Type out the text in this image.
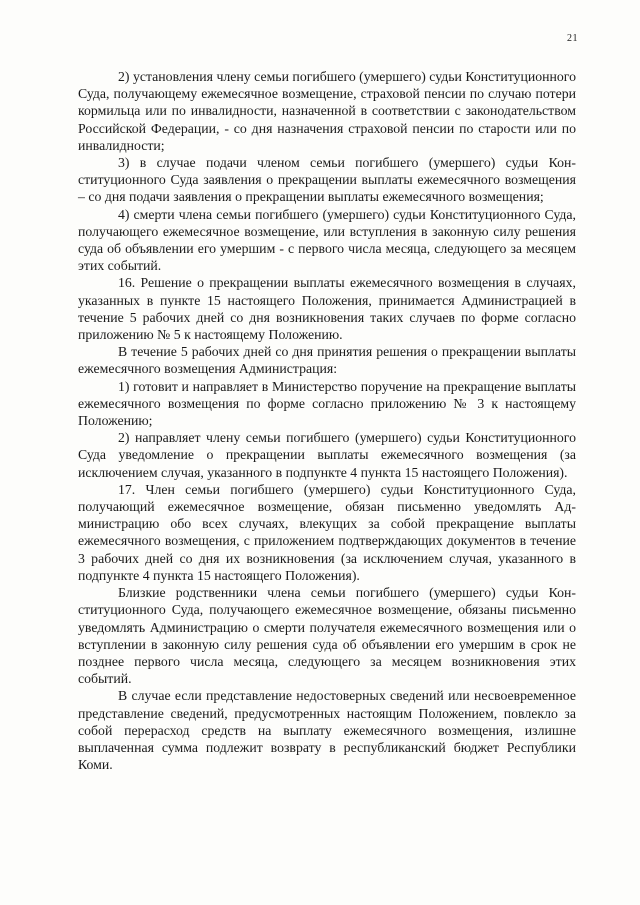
21

2) установления члену семьи погибшего (умершего) судьи Конституционного Суда, получающему ежемесячное возмещение, страховой пенсии по случаю потери кормильца или по инвалидности, назначенной в соответствии с законодательством Российской Федерации, - со дня назначения страховой пенсии по старости или по инвалидности;

3) в случае подачи членом семьи погибшего (умершего) судьи Конституционного Суда заявления о прекращении выплаты ежемесячного возмещения – со дня подачи заявления о прекращении выплаты ежемесячного возмещения;

4) смерти члена семьи погибшего (умершего) судьи Конституционного Суда, получающего ежемесячное возмещение, или вступления в законную силу решения суда об объявлении его умершим - с первого числа месяца, следующего за месяцем этих событий.

16. Решение о прекращении выплаты ежемесячного возмещения в случаях, указанных в пункте 15 настоящего Положения, принимается Администрацией в течение 5 рабочих дней со дня возникновения таких случаев по форме согласно приложению № 5 к настоящему Положению.

В течение 5 рабочих дней со дня принятия решения о прекращении выплаты ежемесячного возмещения Администрация:

1) готовит и направляет в Министерство поручение на прекращение выплаты ежемесячного возмещения по форме согласно приложению № 3 к настоящему Положению;

2) направляет члену семьи погибшего (умершего) судьи Конституционного Суда уведомление о прекращении выплаты ежемесячного возмещения (за исключением случая, указанного в подпункте 4 пункта 15 настоящего Положения).

17. Член семьи погибшего (умершего) судьи Конституционного Суда, получающий ежемесячное возмещение, обязан письменно уведомлять Администрацию обо всех случаях, влекущих за собой прекращение выплаты ежемесячного возмещения, с приложением подтверждающих документов в течение 3 рабочих дней со дня их возникновения (за исключением случая, указанного в подпункте 4 пункта 15 настоящего Положения).

Близкие родственники члена семьи погибшего (умершего) судьи Конституционного Суда, получающего ежемесячное возмещение, обязаны письменно уведомлять Администрацию о смерти получателя ежемесячного возмещения или о вступлении в законную силу решения суда об объявлении его умершим в срок не позднее первого числа месяца, следующего за месяцем возникновения этих событий.

В случае если представление недостоверных сведений или несвоевременное представление сведений, предусмотренных настоящим Положением, повлекло за собой перерасход средств на выплату ежемесячного возмещения, излишне выплаченная сумма подлежит возврату в республиканский бюджет Республики Коми.
